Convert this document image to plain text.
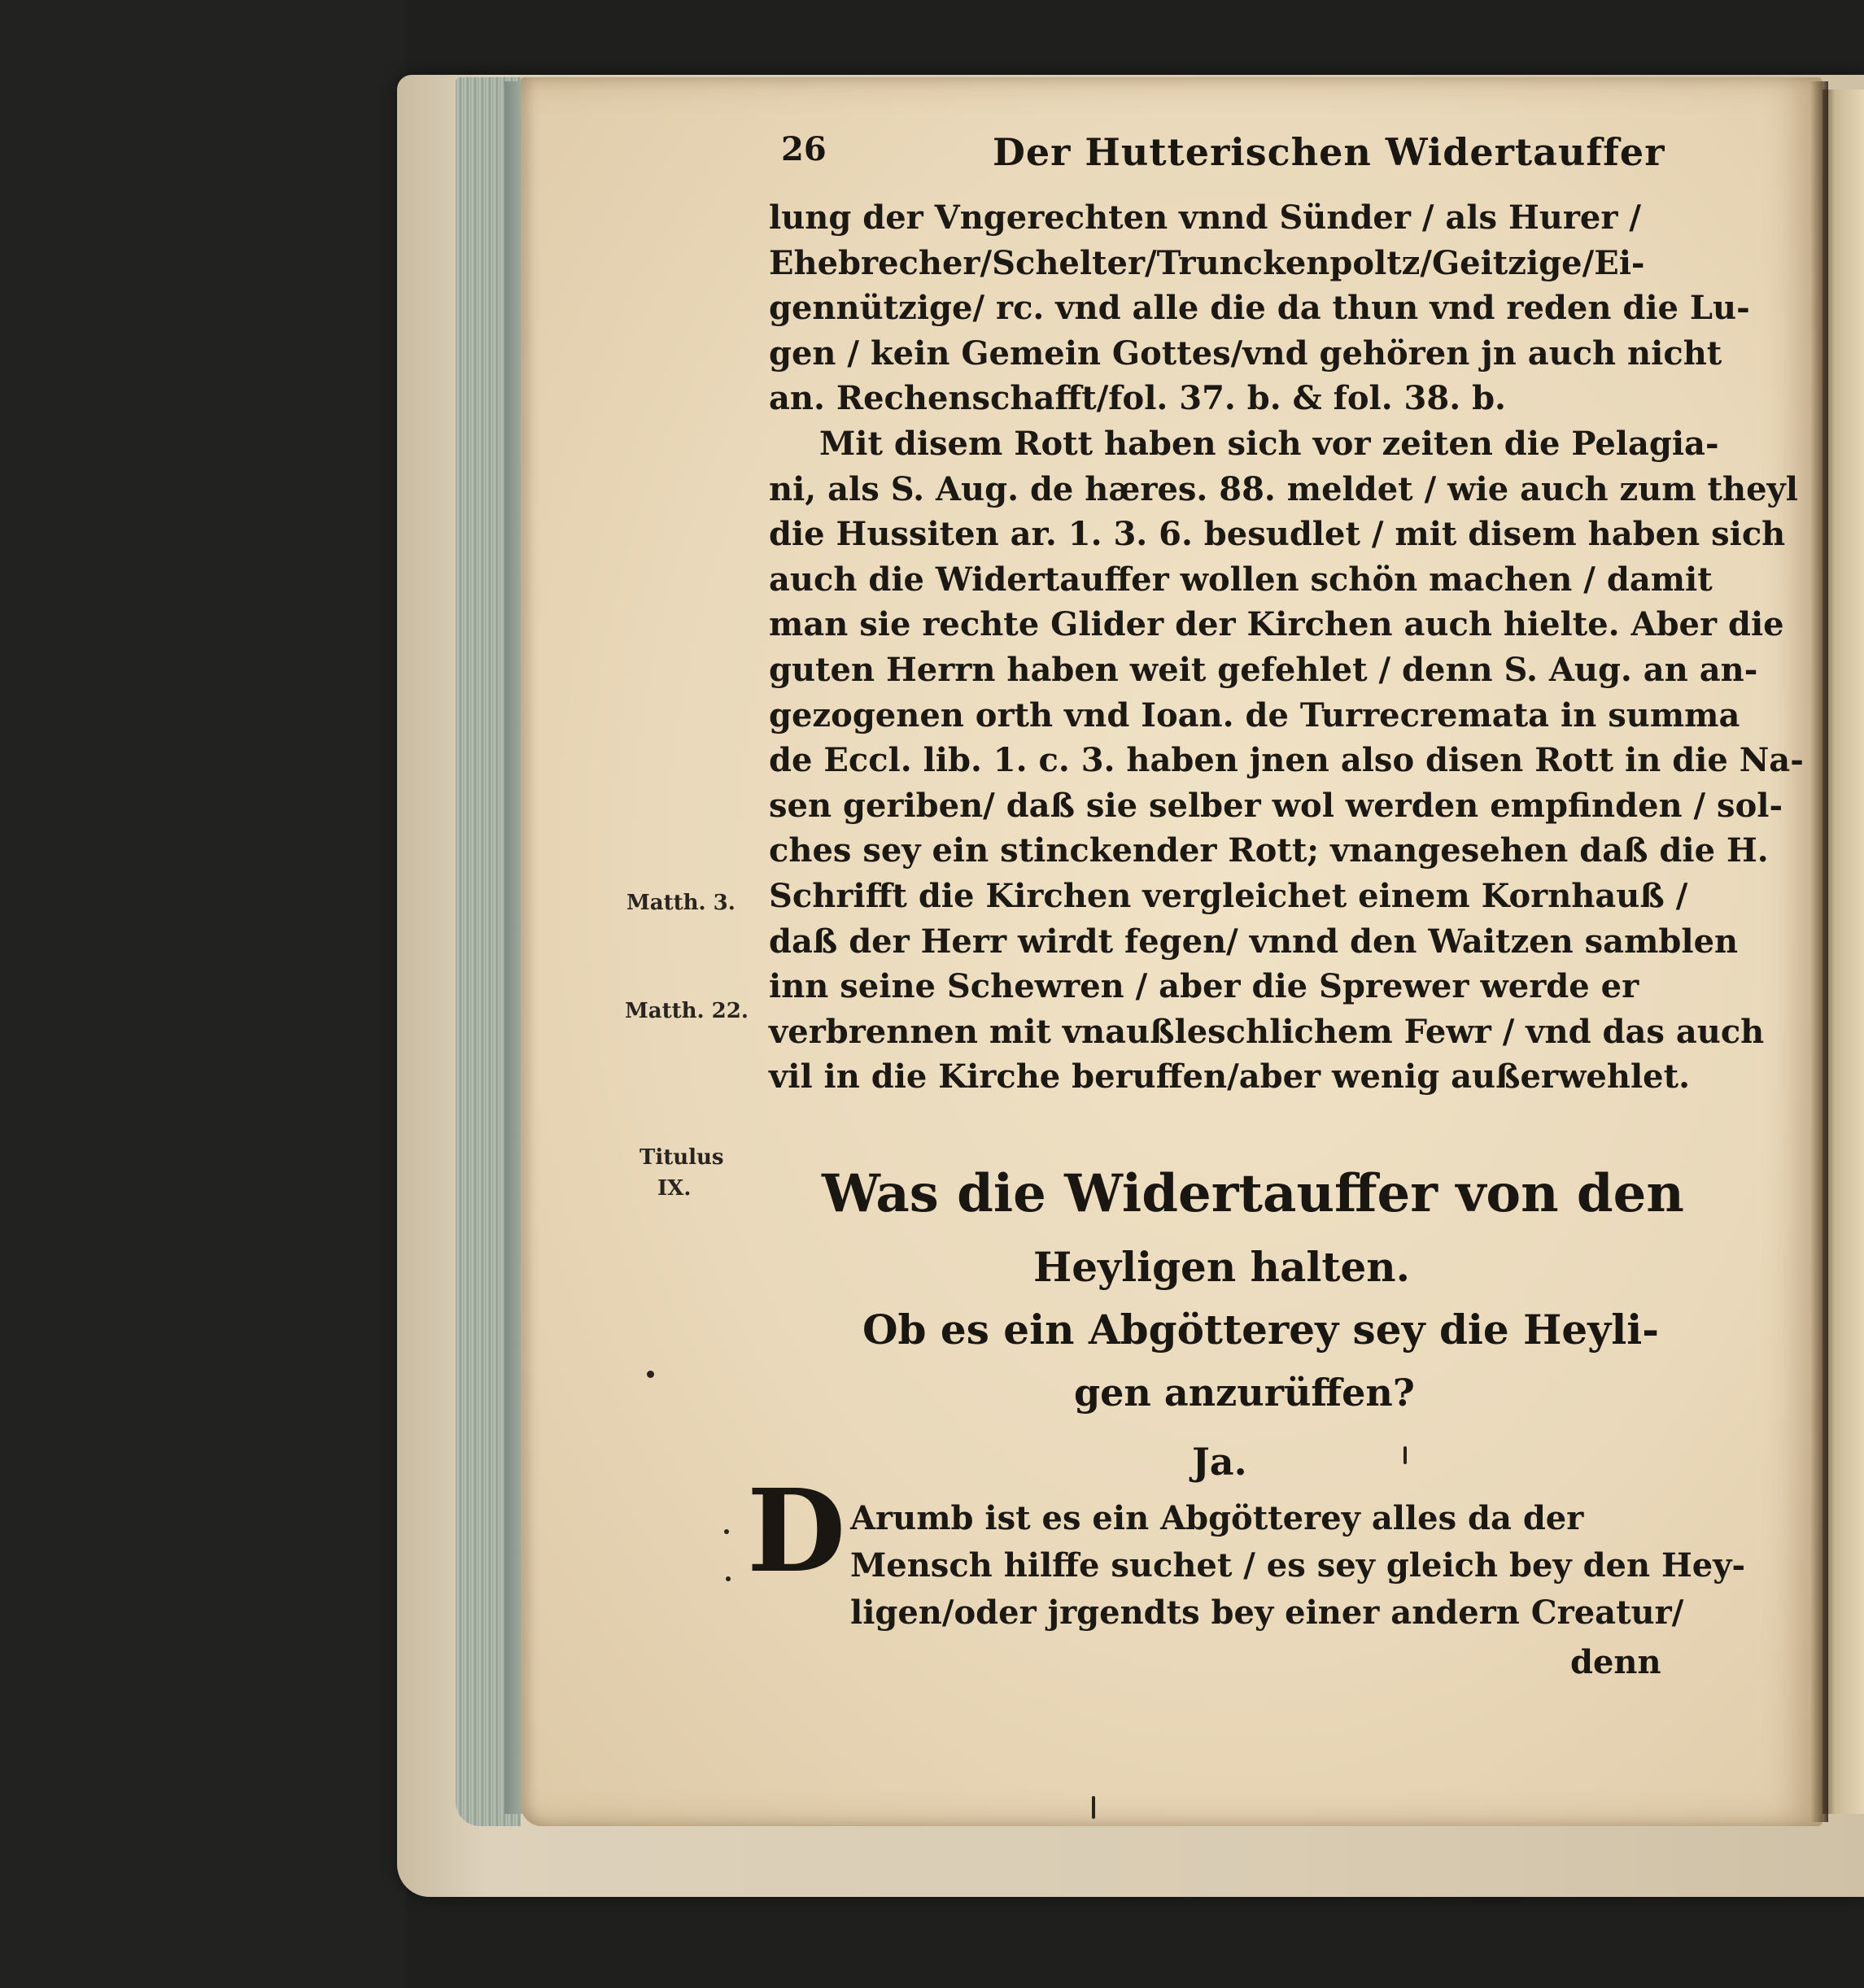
26	Der Hutterischen Widertauffer
lung der Vngerechten vnnd Sünder / als Hurer /
Ehebrecher/Schelter/Trunckenpoltz/Geitzige/Ei-
gennützige/ rc. vnd alle die da thun vnd reden die Lu-
gen / kein Gemein Gottes/vnd gehören jn auch nicht
an. Rechenschafft/fol. 37. b. & fol. 38. b.
Mit disem Rott haben sich vor zeiten die Pelagia-
ni, als S. Aug. de hæres. 88. meldet / wie auch zum theyl
die Hussiten ar. 1. 3. 6. besudlet / mit disem haben sich
auch die Widertauffer wollen schön machen / damit
man sie rechte Glider der Kirchen auch hielte. Aber die
guten Herrn haben weit gefehlet / denn S. Aug. an an-
gezogenen orth vnd Ioan. de Turrecremata in summa
de Eccl. lib. 1. c. 3. haben jnen also disen Rott in die Na-
sen geriben/ daß sie selber wol werden empfinden / sol-
ches sey ein stinckender Rott; vnangesehen daß die H.
Schrifft die Kirchen vergleichet einem Kornhauß /
daß der Herr wirdt fegen/ vnnd den Waitzen samblen
inn seine Schewren / aber die Sprewer werde er
verbrennen mit vnaußleschlichem Fewr / vnd das auch
vil in die Kirche beruffen/aber wenig außerwehlet.
Matth. 3.
Matth. 22.
Titulus
IX.	Was die Widertauffer von den
Heyligen halten.
Ob es ein Abgötterey sey die Heyli-
gen anzurüffen?
Ja.
D Arumb ist es ein Abgötterey alles da der
Mensch hilffe suchet / es sey gleich bey den Hey-
ligen/oder jrgendts bey einer andern Creatur/
denn
